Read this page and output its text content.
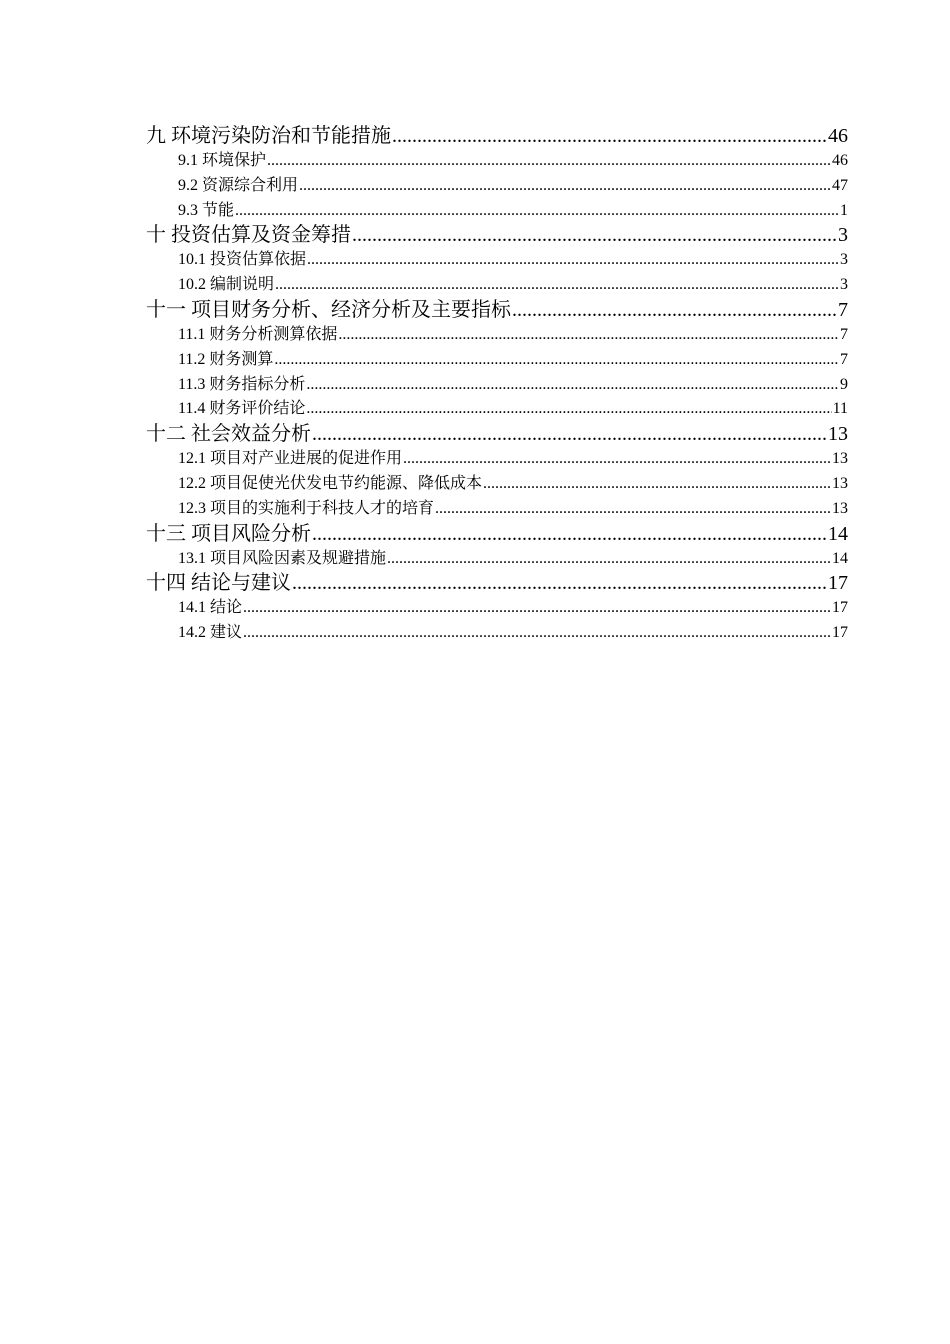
九 环境污染防治和节能措施 .....	46
9.1 环境保护 .....	46
9.2 资源综合利用 .....	47
9.3 节能 .....	1
十 投资估算及资金筹措 .....	3
10.1 投资估算依据 .....	3
10.2 编制说明 .....	3
十一 项目财务分析、经济分析及主要指标 .....	7
11.1 财务分析测算依据 .....	7
11.2 财务测算 .....	7
11.3 财务指标分析 .....	9
11.4 财务评价结论 .....	11
十二 社会效益分析 .....	13
12.1 项目对产业进展的促进作用 .....	13
12.2 项目促使光伏发电节约能源、降低成本 .....	13
12.3 项目的实施利于科技人才的培育 .....	13
十三 项目风险分析 .....	14
13.1 项目风险因素及规避措施 .....	14
十四 结论与建议 .....	17
14.1 结论 .....	17
14.2 建议 .....	17
